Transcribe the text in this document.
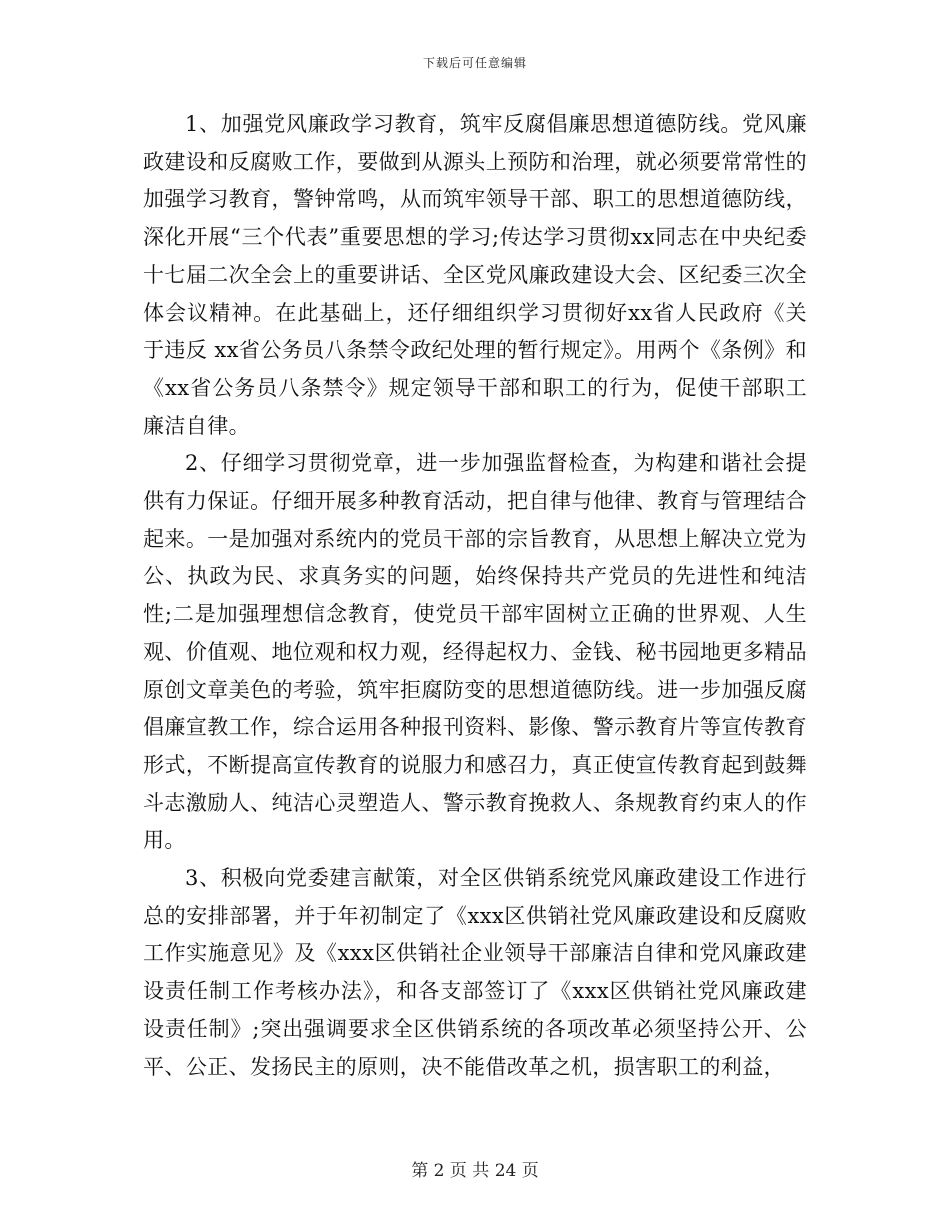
下载后可任意编辑

1、加强党风廉政学习教育，筑牢反腐倡廉思想道德防线。党风廉政建设和反腐败工作，要做到从源头上预防和治理，就必须要常常性的加强学习教育，警钟常鸣，从而筑牢领导干部、职工的思想道德防线，深化开展“三个代表”重要思想的学习;传达学习贯彻xx同志在中央纪委十七届二次全会上的重要讲话、全区党风廉政建设大会、区纪委三次全体会议精神。在此基础上，还仔细组织学习贯彻好xx省人民政府《关于违反 xx省公务员八条禁令政纪处理的暂行规定》。用两个《条例》和《xx省公务员八条禁令》规定领导干部和职工的行为，促使干部职工廉洁自律。

2、仔细学习贯彻党章，进一步加强监督检查，为构建和谐社会提供有力保证。仔细开展多种教育活动，把自律与他律、教育与管理结合起来。一是加强对系统内的党员干部的宗旨教育，从思想上解决立党为公、执政为民、求真务实的问题，始终保持共产党员的先进性和纯洁性;二是加强理想信念教育，使党员干部牢固树立正确的世界观、人生观、价值观、地位观和权力观，经得起权力、金钱、秘书园地更多精品原创文章美色的考验，筑牢拒腐防变的思想道德防线。进一步加强反腐倡廉宣教工作，综合运用各种报刊资料、影像、警示教育片等宣传教育形式，不断提高宣传教育的说服力和感召力，真正使宣传教育起到鼓舞斗志激励人、纯洁心灵塑造人、警示教育挽救人、条规教育约束人的作用。

3、积极向党委建言献策，对全区供销系统党风廉政建设工作进行总的安排部署，并于年初制定了《xxx区供销社党风廉政建设和反腐败工作实施意见》及《xxx区供销社企业领导干部廉洁自律和党风廉政建设责任制工作考核办法》，和各支部签订了《xxx区供销社党风廉政建设责任制》;突出强调要求全区供销系统的各项改革必须坚持公开、公平、公正、发扬民主的原则，决不能借改革之机，损害职工的利益，

第 2 页 共 24 页
